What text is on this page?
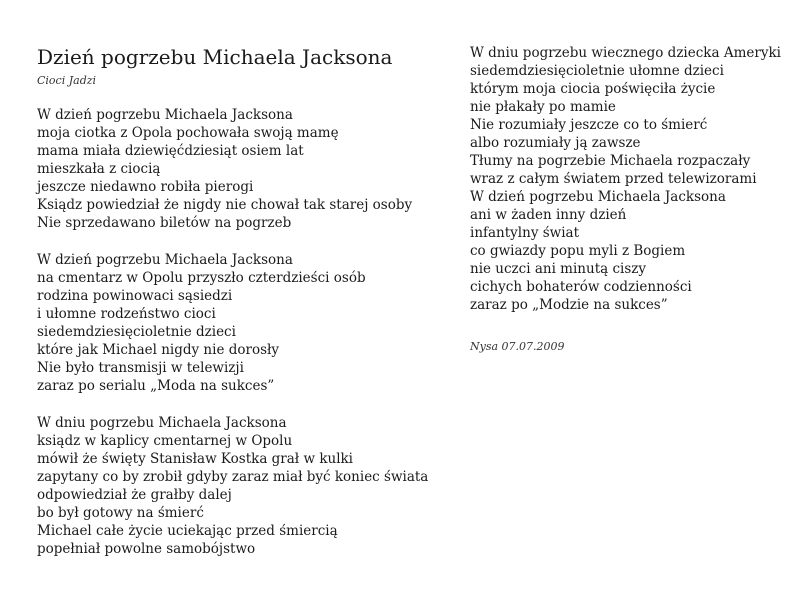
Dzień pogrzebu Michaela Jacksona
Cioci Jadzi
W dzień pogrzebu Michaela Jacksona
moja ciotka z Opola pochowała swoją mamę
mama miała dziewięćdziesiąt osiem lat
mieszkała z ciocią
jeszcze niedawno robiła pierogi
Ksiądz powiedział że nigdy nie chował tak starej osoby
Nie sprzedawano biletów na pogrzeb
W dzień pogrzebu Michaela Jacksona
na cmentarz w Opolu przyszło czterdzieści osób
rodzina powinowaci sąsiedzi
i ułomne rodzeństwo cioci
siedemdziesięcioletnie dzieci
które jak Michael nigdy nie dorosły
Nie było transmisji w telewizji
zaraz po serialu „Moda na sukces”
W dniu pogrzebu Michaela Jacksona
ksiądz w kaplicy cmentarnej w Opolu
mówił że święty Stanisław Kostka grał w kulki
zapytany co by zrobił gdyby zaraz miał być koniec świata
odpowiedział że grałby dalej
bo był gotowy na śmierć
Michael całe życie uciekając przed śmiercią
popełniał powolne samobójstwo
W dniu pogrzebu wiecznego dziecka Ameryki
siedemdziesięcioletnie ułomne dzieci
którym moja ciocia poświęciła życie
nie płakały po mamie
Nie rozumiały jeszcze co to śmierć
albo rozumiały ją zawsze
Tłumy na pogrzebie Michaela rozpaczały
wraz z całym światem przed telewizorami
W dzień pogrzebu Michaela Jacksona
ani w żaden inny dzień
infantylny świat
co gwiazdy popu myli z Bogiem
nie uczci ani minutą ciszy
cichych bohaterów codzienności
zaraz po „Modzie na sukces”
Nysa 07.07.2009
